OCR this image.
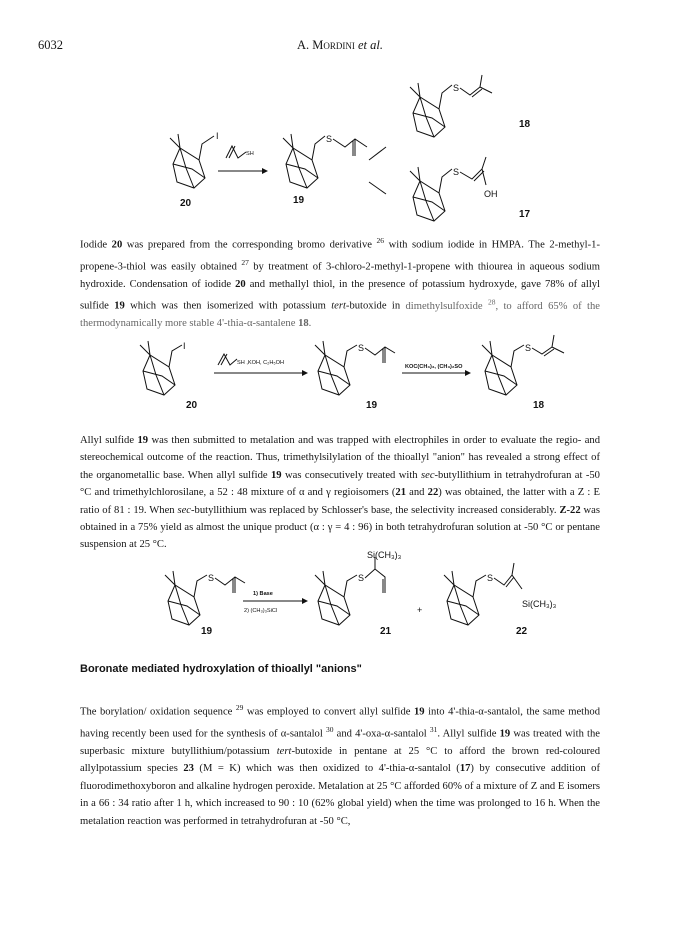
6032	A. Mordini et al.
I
20
SH
S
19
S
18
S
OH
17

Iodide 20 was prepared from the corresponding bromo derivative $^{26}$ with sodium iodide in HMPA. The 2-methyl-1-propene-3-thiol was easily obtained $^{27}$ by treatment of 3-chloro-2-methyl-1-propene with thiourea in aqueous sodium hydroxide. Condensation of iodide 20 and methallyl thiol, in the presence of potassium hydroxyde, gave 78% of allyl sulfide 19 which was then isomerized with potassium tert-butoxide in dimethylsulfoxide $^{28}$, to afford 65% of the thermodynamically more stable 4'-thia-α-santalene 18.

I
20
SH ,KOH, C₂H₅OH
S
19
KOC(CH₃)₃, (CH₃)₂SO
S
18

Allyl sulfide 19 was then submitted to metalation and was trapped with electrophiles in order to evaluate the regio- and stereochemical outcome of the reaction. Thus, trimethylsilylation of the thioallyl "anion" has revealed a strong effect of the organometallic base. When allyl sulfide 19 was consecutively treated with sec-butyllithium in tetrahydrofuran at -50 °C and trimethylchlorosilane, a 52 : 48 mixture of α and γ regioisomers (21 and 22) was obtained, the latter with a Z : E ratio of 81 : 19. When sec-butyllithium was replaced by Schlosser's base, the selectivity increased considerably. Z-22 was obtained in a 75% yield as almost the unique product (α : γ = 4 : 96) in both tetrahydrofuran solution at -50 °C or pentane suspension at 25 °C.

S
19
1) Base
2) (CH₃)₃SiCl
S
Si(CH₃)₃
21
+
S
Si(CH₃)₃
22
Boronate mediated hydroxylation of thioallyl "anions"

The borylation/ oxidation sequence $^{29}$ was employed to convert allyl sulfide 19 into 4'-thia-α-santalol, the same method having recently been used for the synthesis of α-santalol $^{30}$ and 4'-oxa-α-santalol $^{31}$. Allyl sulfide 19 was treated with the superbasic mixture butyllithium/potassium tert-butoxide in pentane at 25 °C to afford the brown red-coloured allylpotassium species 23 (M = K) which was then oxidized to 4'-thia-α-santalol (17) by consecutive addition of fluorodimethoxyboron and alkaline hydrogen peroxide. Metalation at 25 °C afforded 60% of a mixture of Z and E isomers in a 66 : 34 ratio after 1 h, which increased to 90 : 10 (62% global yield) when the time was prolonged to 16 h. When the metalation reaction was performed in tetrahydrofuran at -50 °C,
